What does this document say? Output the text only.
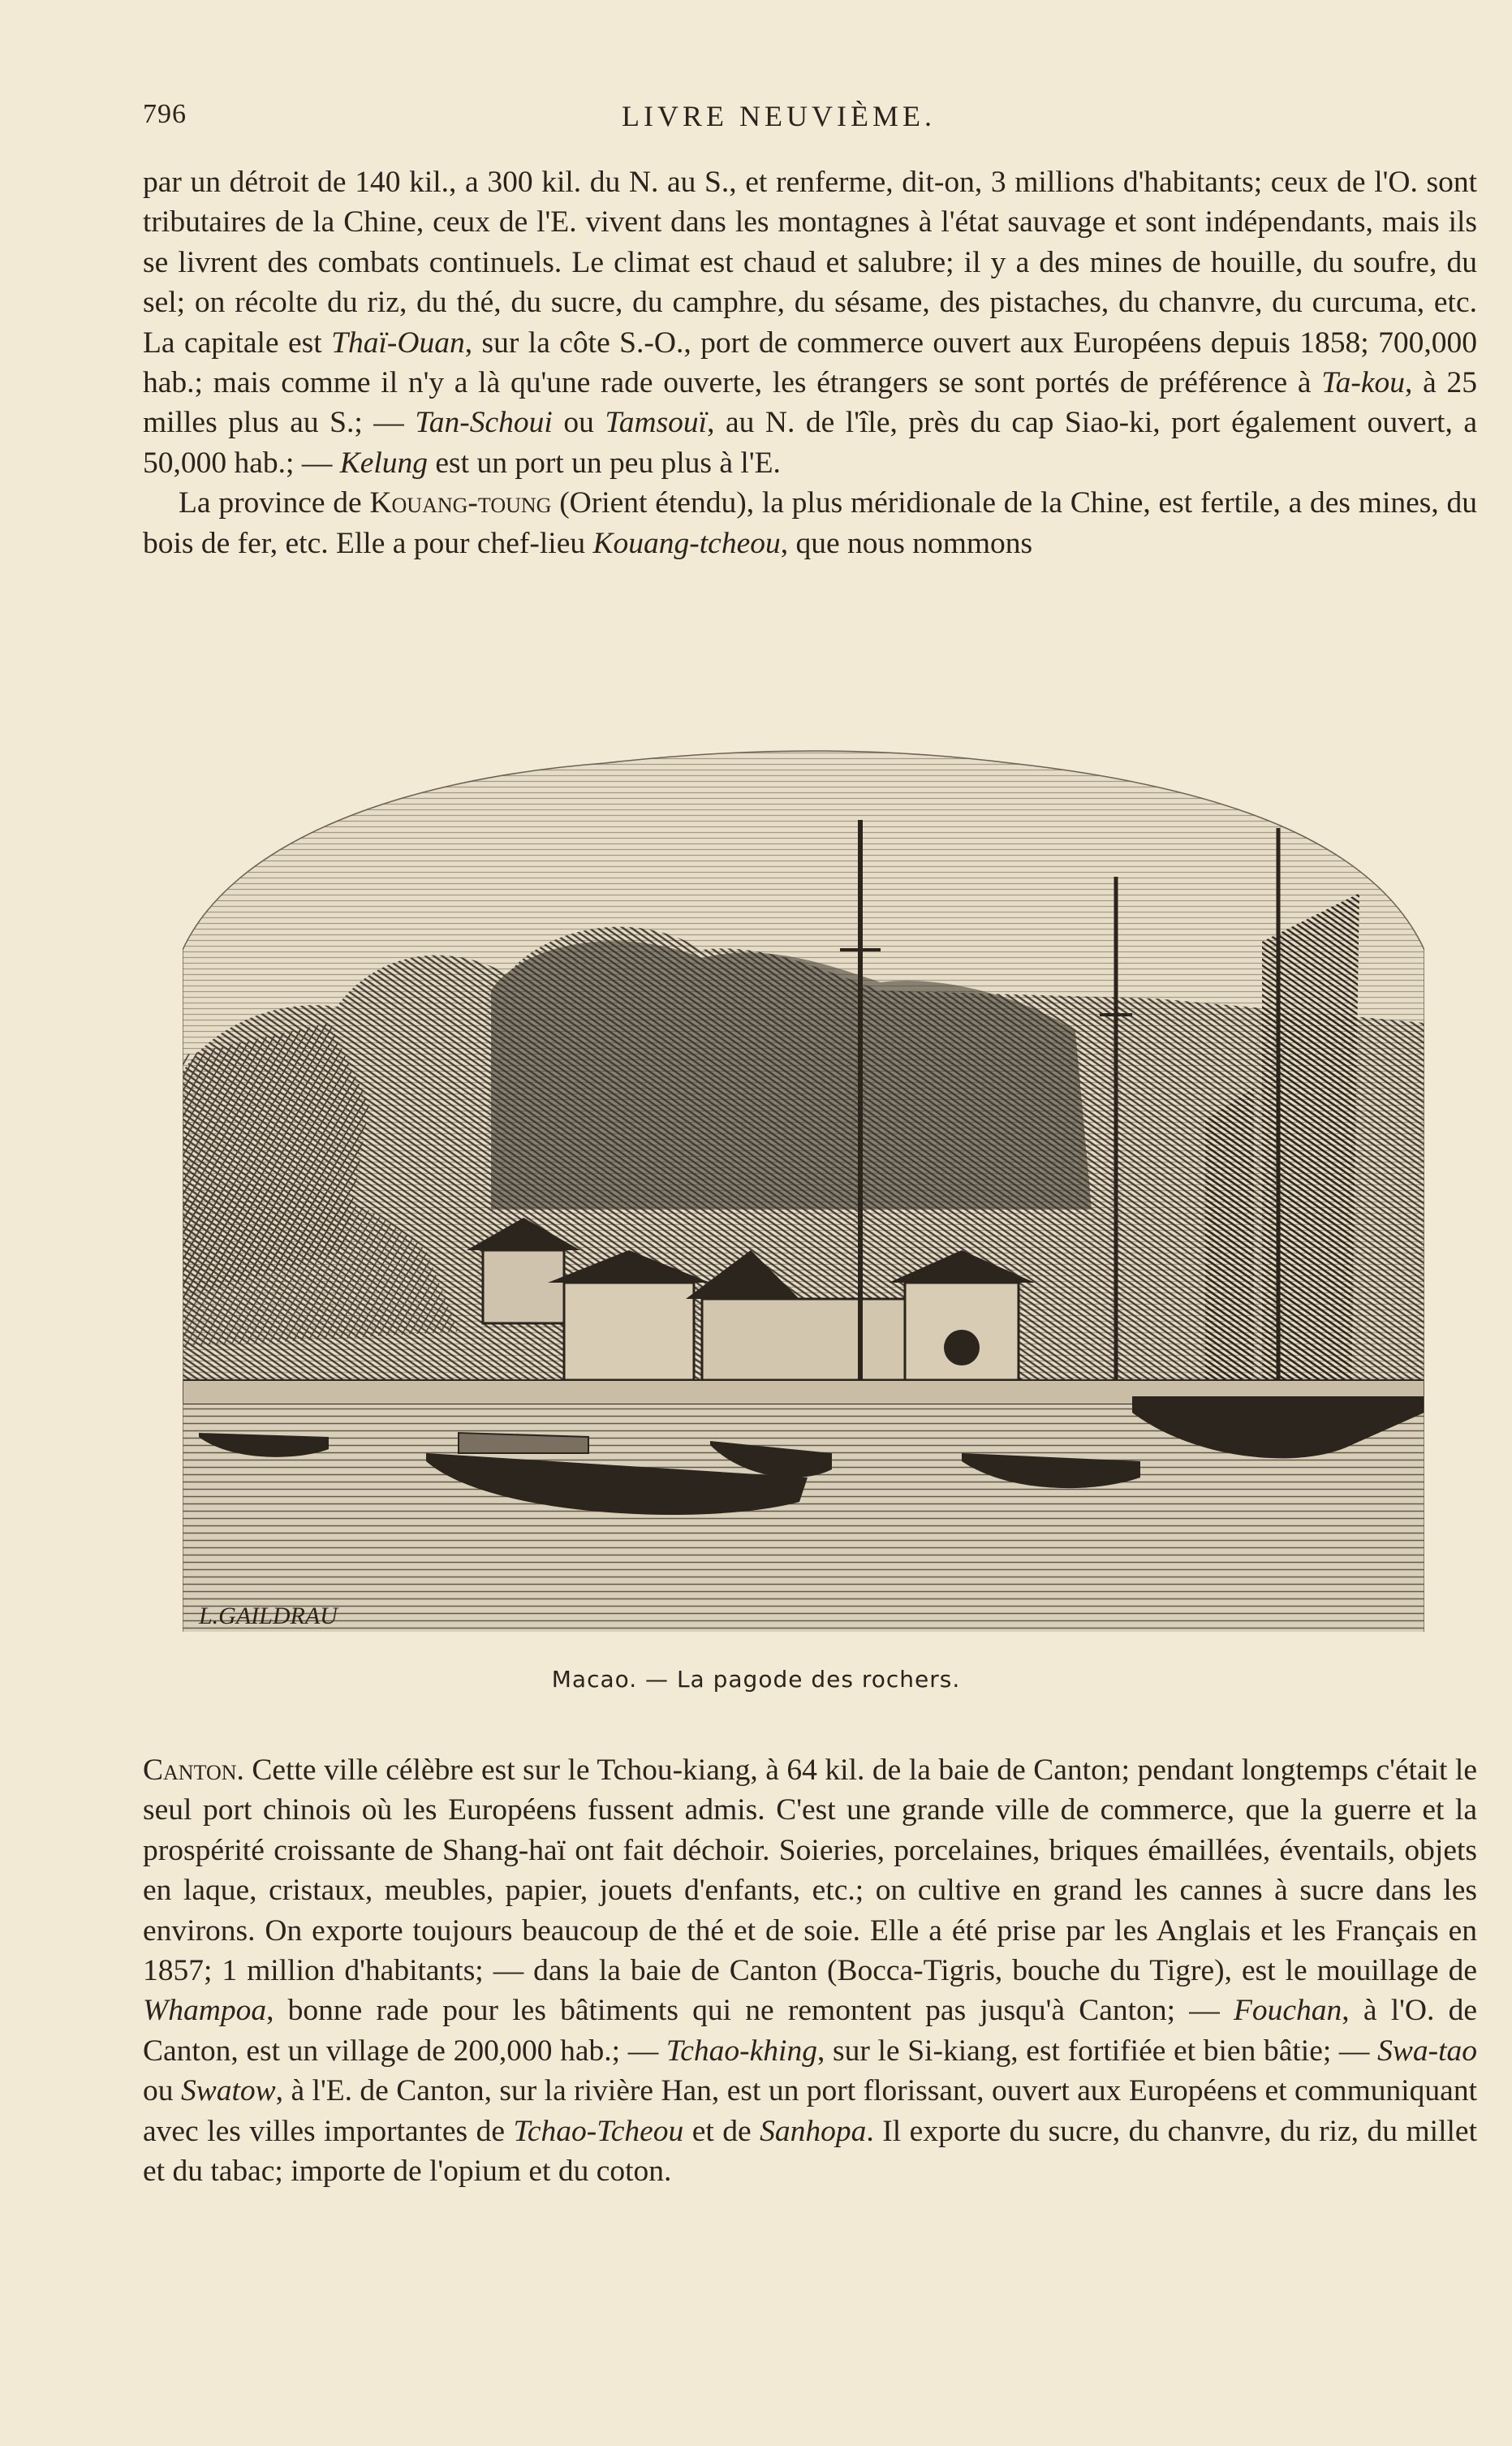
796	LIVRE NEUVIÈME.

par un détroit de 140 kil., a 300 kil. du N. au S., et renferme, dit-on, 3 millions d'habitants; ceux de l'O. sont tributaires de la Chine, ceux de l'E. vivent dans les montagnes à l'état sauvage et sont indépendants, mais ils se livrent des combats continuels. Le climat est chaud et salubre; il y a des mines de houille, du soufre, du sel; on récolte du riz, du thé, du sucre, du camphre, du sésame, des pistaches, du chanvre, du curcuma, etc. La capitale est Thaï-Ouan, sur la côte S.-O., port de commerce ouvert aux Européens depuis 1858; 700,000 hab.; mais comme il n'y a là qu'une rade ouverte, les étrangers se sont portés de préférence à Ta-kou, à 25 milles plus au S.; — Tan-Schoui ou Tamsouï, au N. de l'île, près du cap Siao-ki, port également ouvert, a 50,000 hab.; — Kelung est un port un peu plus à l'E.

La province de Kouang-toung (Orient étendu), la plus méridionale de la Chine, est fertile, a des mines, du bois de fer, etc. Elle a pour chef-lieu Kouang-tcheou, que nous nommons

L.GAILDRAU
Macao. — La pagode des rochers.

Canton. Cette ville célèbre est sur le Tchou-kiang, à 64 kil. de la baie de Canton; pendant longtemps c'était le seul port chinois où les Européens fussent admis. C'est une grande ville de commerce, que la guerre et la prospérité croissante de Shang-haï ont fait déchoir. Soieries, porcelaines, briques émaillées, éventails, objets en laque, cristaux, meubles, papier, jouets d'enfants, etc.; on cultive en grand les cannes à sucre dans les environs. On exporte toujours beaucoup de thé et de soie. Elle a été prise par les Anglais et les Français en 1857; 1 million d'habitants; — dans la baie de Canton (Bocca-Tigris, bouche du Tigre), est le mouillage de Whampoa, bonne rade pour les bâtiments qui ne remontent pas jusqu'à Canton; — Fouchan, à l'O. de Canton, est un village de 200,000 hab.; — Tchao-khing, sur le Si-kiang, est fortifiée et bien bâtie; — Swa-tao ou Swatow, à l'E. de Canton, sur la rivière Han, est un port florissant, ouvert aux Européens et communiquant avec les villes importantes de Tchao-Tcheou et de Sanhopa. Il exporte du sucre, du chanvre, du riz, du millet et du tabac; importe de l'opium et du coton.
